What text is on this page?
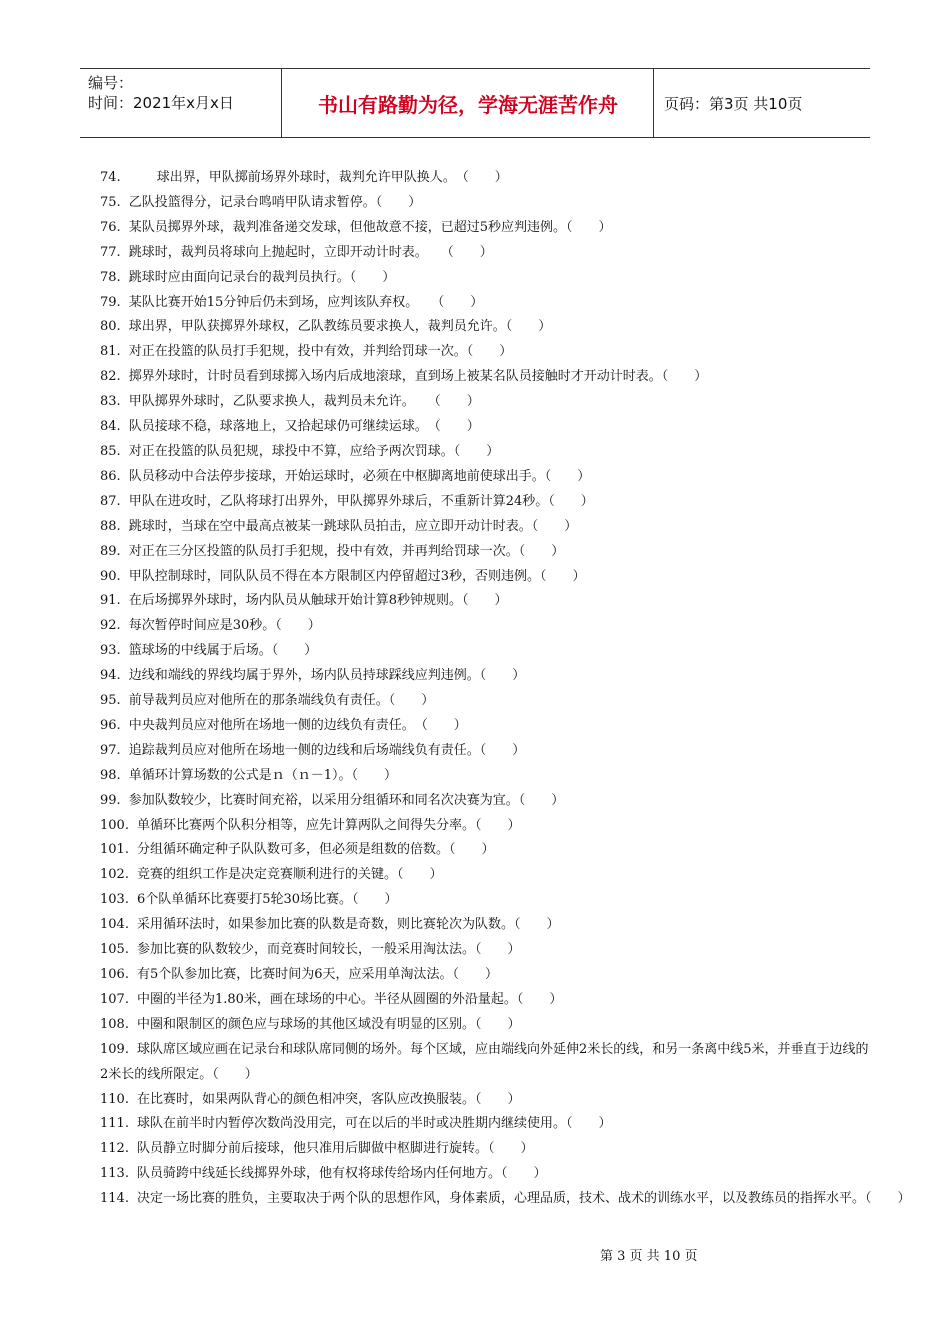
编号：
时间：2021年x月x日	书山有路勤为径，学海无涯苦作舟	页码：第3页 共10页
74.	球出界，甲队掷前场界外球时，裁判允许甲队换人。　（　　）
75. 乙队投篮得分，记录台鸣哨甲队请求暂停。（　　）
76. 某队员掷界外球，裁判准备递交发球，但他故意不接，已超过5秒应判违例。（　　）
77. 跳球时，裁判员将球向上抛起时，立即开动计时表。　　（　　）
78. 跳球时应由面向记录台的裁判员执行。（　　）
79. 某队比赛开始15分钟后仍未到场，应判该队弃权。　　（　　）
80. 球出界，甲队获掷界外球权，乙队教练员要求换人，裁判员允许。（　　）
81. 对正在投篮的队员打手犯规，投中有效，并判给罚球一次。（　　）
82. 掷界外球时，计时员看到球掷入场内后成地滚球，直到场上被某名队员接触时才开动计时表。（　　）
83. 甲队掷界外球时，乙队要求换人，裁判员未允许。　　（　　）
84. 队员接球不稳，球落地上，又拾起球仍可继续运球。　（　　）
85. 对正在投篮的队员犯规，球投中不算，应给予两次罚球。（　　）
86. 队员移动中合法停步接球，开始运球时，必须在中枢脚离地前使球出手。（　　）
87. 甲队在进攻时，乙队将球打出界外，甲队掷界外球后，不重新计算24秒。（　　）
88. 跳球时，当球在空中最高点被某一跳球队员拍击，应立即开动计时表。（　　）
89. 对正在三分区投篮的队员打手犯规，投中有效，并再判给罚球一次。（　　）
90. 甲队控制球时，同队队员不得在本方限制区内停留超过3秒，否则违例。（　　）
91. 在后场掷界外球时，场内队员从触球开始计算8秒钟规则。（　　）
92. 每次暂停时间应是30秒。（　　）
93. 篮球场的中线属于后场。（　　）
94. 边线和端线的界线均属于界外，场内队员持球踩线应判违例。（　　）
95. 前导裁判员应对他所在的那条端线负有责任。（　　）
96. 中央裁判员应对他所在场地一侧的边线负有责任。　（　　）
97. 追踪裁判员应对他所在场地一侧的边线和后场端线负有责任。（　　）
98. 单循环计算场数的公式是ｎ（ｎ－1）。（　　）
99. 参加队数较少，比赛时间充裕，以采用分组循环和同名次决赛为宜。（　　）
100. 单循环比赛两个队积分相等，应先计算两队之间得失分率。（　　）
101. 分组循环确定种子队队数可多，但必须是组数的倍数。（　　）
102. 竞赛的组织工作是决定竞赛顺利进行的关键。（　　）
103. 6个队单循环比赛要打5轮30场比赛。（　　）
104. 采用循环法时，如果参加比赛的队数是奇数，则比赛轮次为队数。（　　）
105. 参加比赛的队数较少，而竞赛时间较长，一般采用淘汰法。（　　）
106. 有5个队参加比赛，比赛时间为6天，应采用单淘汰法。（　　）
107. 中圈的半径为1.80米，画在球场的中心。半径从圆圈的外沿量起。（　　）
108. 中圈和限制区的颜色应与球场的其他区域没有明显的区别。（　　）
109. 球队席区域应画在记录台和球队席同侧的场外。每个区域，应由端线向外延伸2米长的线，和另一条离中线5米，并垂直于边线的2米长的线所限定。（　　）
110. 在比赛时，如果两队背心的颜色相冲突，客队应改换服装。（　　）
111. 球队在前半时内暂停次数尚没用完，可在以后的半时或决胜期内继续使用。（　　）
112. 队员静立时脚分前后接球，他只准用后脚做中枢脚进行旋转。（　　）
113. 队员骑跨中线延长线掷界外球，他有权将球传给场内任何地方。（　　）
114. 决定一场比赛的胜负，主要取决于两个队的思想作风，身体素质，心理品质，技术、战术的训练水平，以及教练员的指挥水平。（　　）
第 3 页 共 10 页
